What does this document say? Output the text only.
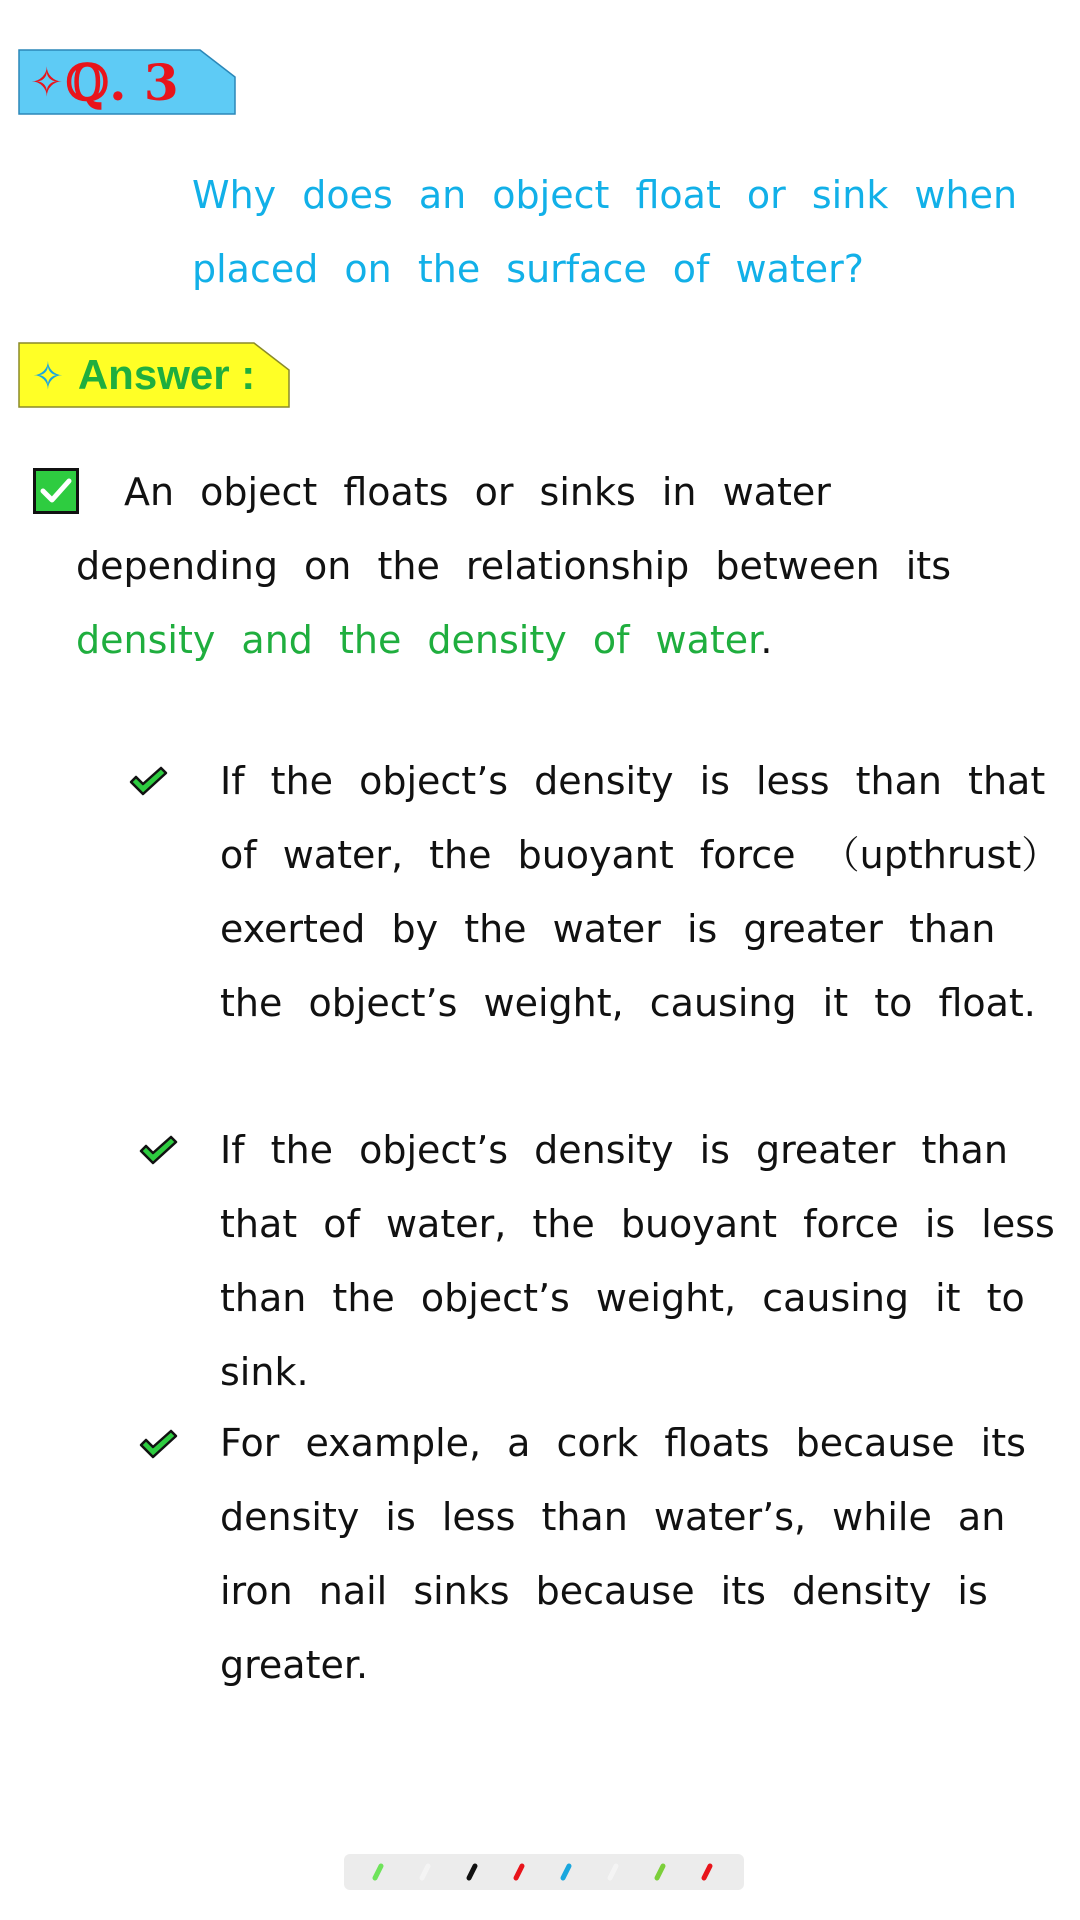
✧ℚ. 3
Why does an object float or sink when placed on the surface of water?
✧ Answer :
An object floats or sinks in water depending on the relationship between its density and the density of water.
If the object’s density is less than that of water, the buoyant force （upthrust） exerted by the water is greater than the object’s weight, causing it to float.
If the object’s density is greater than that of water, the buoyant force is less than the object’s weight, causing it to sink.
For example, a cork floats because its density is less than water’s, while an iron nail sinks because its density is greater.
